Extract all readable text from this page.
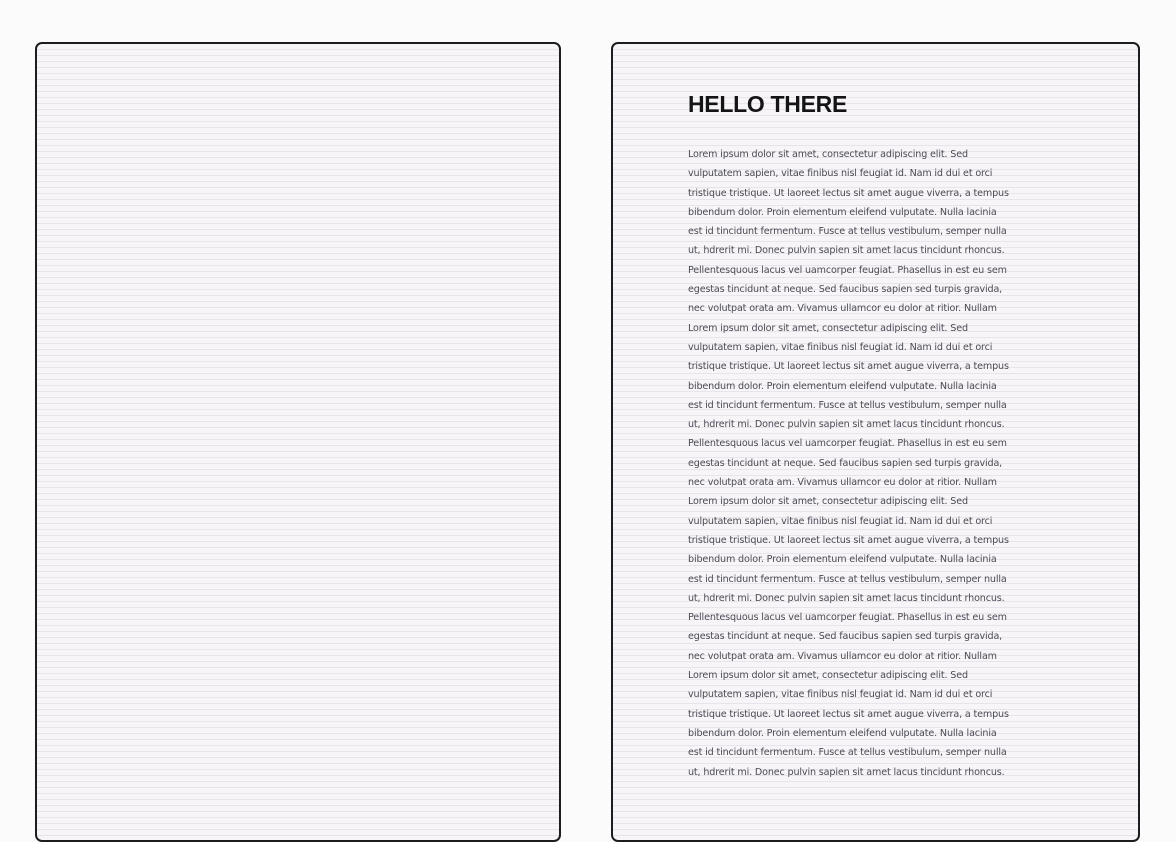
HELLO THERE
Lorem ipsum dolor sit amet, consectetur adipiscing elit. Sed
vulputatem sapien, vitae finibus nisl feugiat id. Nam id dui et orci
tristique tristique. Ut laoreet lectus sit amet augue viverra, a tempus
bibendum dolor. Proin elementum eleifend vulputate. Nulla lacinia
est id tincidunt fermentum. Fusce at tellus vestibulum, semper nulla
ut, hdrerit mi. Donec pulvin sapien sit amet lacus tincidunt rhoncus.
Pellentesquous lacus vel uamcorper feugiat. Phasellus in est eu sem
egestas tincidunt at neque. Sed faucibus sapien sed turpis gravida,
nec volutpat orata am. Vivamus ullamcor eu dolor at ritior. Nullam
Lorem ipsum dolor sit amet, consectetur adipiscing elit. Sed
vulputatem sapien, vitae finibus nisl feugiat id. Nam id dui et orci
tristique tristique. Ut laoreet lectus sit amet augue viverra, a tempus
bibendum dolor. Proin elementum eleifend vulputate. Nulla lacinia
est id tincidunt fermentum. Fusce at tellus vestibulum, semper nulla
ut, hdrerit mi. Donec pulvin sapien sit amet lacus tincidunt rhoncus.
Pellentesquous lacus vel uamcorper feugiat. Phasellus in est eu sem
egestas tincidunt at neque. Sed faucibus sapien sed turpis gravida,
nec volutpat orata am. Vivamus ullamcor eu dolor at ritior. Nullam
Lorem ipsum dolor sit amet, consectetur adipiscing elit. Sed
vulputatem sapien, vitae finibus nisl feugiat id. Nam id dui et orci
tristique tristique. Ut laoreet lectus sit amet augue viverra, a tempus
bibendum dolor. Proin elementum eleifend vulputate. Nulla lacinia
est id tincidunt fermentum. Fusce at tellus vestibulum, semper nulla
ut, hdrerit mi. Donec pulvin sapien sit amet lacus tincidunt rhoncus.
Pellentesquous lacus vel uamcorper feugiat. Phasellus in est eu sem
egestas tincidunt at neque. Sed faucibus sapien sed turpis gravida,
nec volutpat orata am. Vivamus ullamcor eu dolor at ritior. Nullam
Lorem ipsum dolor sit amet, consectetur adipiscing elit. Sed
vulputatem sapien, vitae finibus nisl feugiat id. Nam id dui et orci
tristique tristique. Ut laoreet lectus sit amet augue viverra, a tempus
bibendum dolor. Proin elementum eleifend vulputate. Nulla lacinia
est id tincidunt fermentum. Fusce at tellus vestibulum, semper nulla
ut, hdrerit mi. Donec pulvin sapien sit amet lacus tincidunt rhoncus.
